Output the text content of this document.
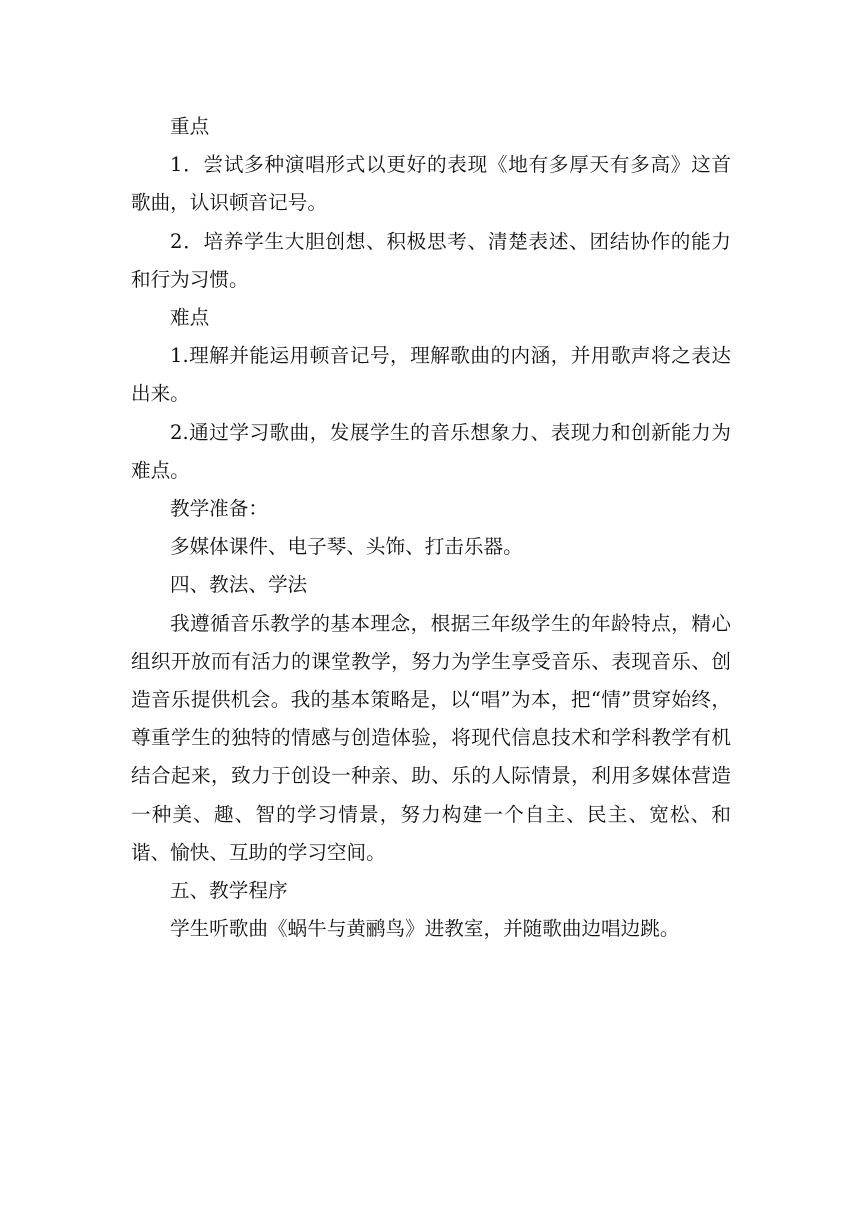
重点

1．尝试多种演唱形式以更好的表现《地有多厚天有多高》这首歌曲，认识顿音记号。

2．培养学生大胆创想、积极思考、清楚表述、团结协作的能力和行为习惯。

难点

1.理解并能运用顿音记号，理解歌曲的内涵，并用歌声将之表达出来。

2.通过学习歌曲，发展学生的音乐想象力、表现力和创新能力为难点。

教学准备：

多媒体课件、电子琴、头饰、打击乐器。

四、教法、学法

我遵循音乐教学的基本理念，根据三年级学生的年龄特点，精心组织开放而有活力的课堂教学，努力为学生享受音乐、表现音乐、创造音乐提供机会。我的基本策略是，以“唱”为本，把“情”贯穿始终，尊重学生的独特的情感与创造体验，将现代信息技术和学科教学有机结合起来，致力于创设一种亲、助、乐的人际情景，利用多媒体营造一种美、趣、智的学习情景，努力构建一个自主、民主、宽松、和谐、愉快、互助的学习空间。

五、教学程序

学生听歌曲《蜗牛与黄鹂鸟》进教室，并随歌曲边唱边跳。
